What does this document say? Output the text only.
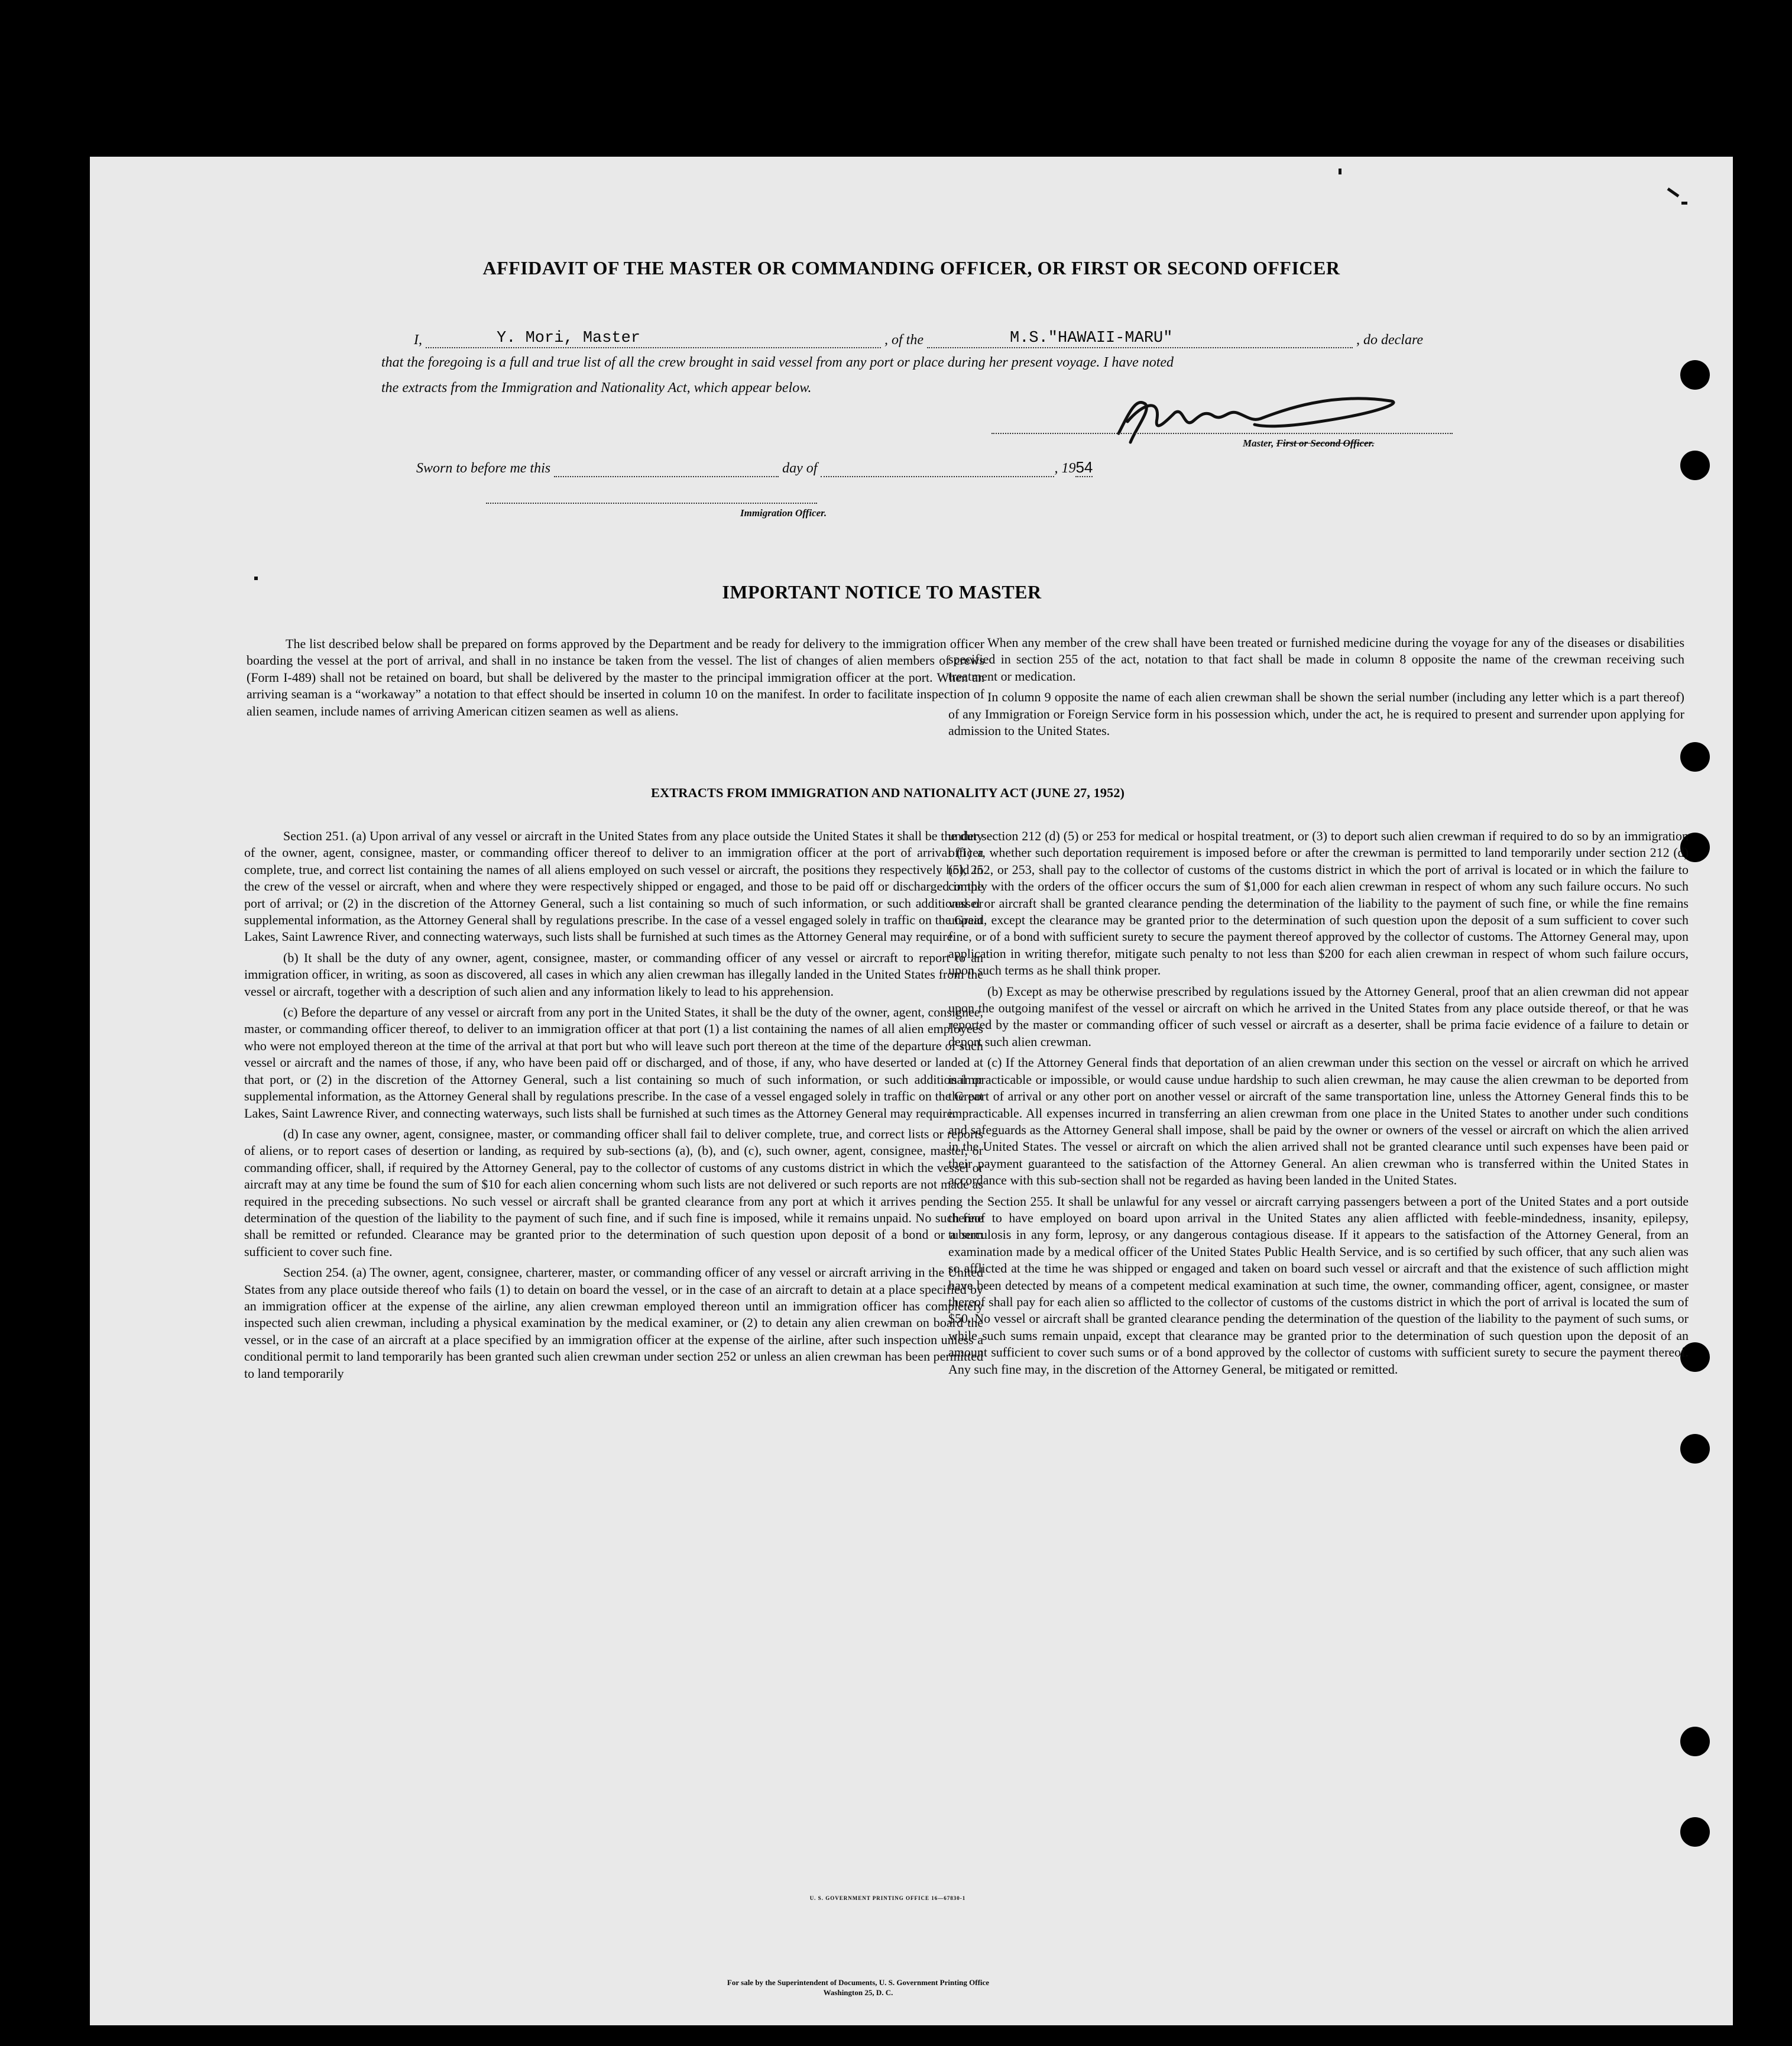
AFFIDAVIT OF THE MASTER OR COMMANDING OFFICER, OR FIRST OR SECOND OFFICER
I,	Y. Mori, Master	, of the	M.S."HAWAII-MARU"	, do declare
that the foregoing is a full and true list of all the crew brought in said vessel from any port or place during her present voyage. I have noted
the extracts from the Immigration and Nationality Act, which appear below.
Master, First or Second Officer.
Sworn to before me this	day of	, 1954
Immigration Officer.
IMPORTANT NOTICE TO MASTER

The list described below shall be prepared on forms approved by the Department and be ready for delivery to the immigration officer boarding the vessel at the port of arrival, and shall in no instance be taken from the vessel. The list of changes of alien members of crews (Form I-489) shall not be retained on board, but shall be delivered by the master to the principal immigration officer at the port. When an arriving seaman is a “workaway” a notation to that effect should be inserted in column 10 on the manifest. In order to facilitate inspection of alien seamen, include names of arriving American citizen seamen as well as aliens.

When any member of the crew shall have been treated or furnished medicine during the voyage for any of the diseases or disabilities specified in section 255 of the act, notation to that fact shall be made in column 8 opposite the name of the crewman receiving such treatment or medication.

In column 9 opposite the name of each alien crewman shall be shown the serial number (including any letter which is a part thereof) of any Immigration or Foreign Service form in his possession which, under the act, he is required to present and surrender upon applying for admission to the United States.

EXTRACTS FROM IMMIGRATION AND NATIONALITY ACT (JUNE 27, 1952)

Section 251. (a) Upon arrival of any vessel or aircraft in the United States from any place outside the United States it shall be the duty of the owner, agent, consignee, master, or commanding officer thereof to deliver to an immigration officer at the port of arrival (1) a complete, true, and correct list containing the names of all aliens employed on such vessel or aircraft, the positions they respectively hold in the crew of the vessel or aircraft, when and where they were respectively shipped or engaged, and those to be paid off or discharged in the port of arrival; or (2) in the discretion of the Attorney General, such a list containing so much of such information, or such additional or supplemental information, as the Attorney General shall by regulations prescribe. In the case of a vessel engaged solely in traffic on the Great Lakes, Saint Lawrence River, and connecting waterways, such lists shall be furnished at such times as the Attorney General may require.

(b) It shall be the duty of any owner, agent, consignee, master, or commanding officer of any vessel or aircraft to report to an immigration officer, in writing, as soon as discovered, all cases in which any alien crewman has illegally landed in the United States from the vessel or aircraft, together with a description of such alien and any information likely to lead to his apprehension.

(c) Before the departure of any vessel or aircraft from any port in the United States, it shall be the duty of the owner, agent, consignee, master, or commanding officer thereof, to deliver to an immigration officer at that port (1) a list containing the names of all alien employees who were not employed thereon at the time of the arrival at that port but who will leave such port thereon at the time of the departure of such vessel or aircraft and the names of those, if any, who have been paid off or discharged, and of those, if any, who have deserted or landed at that port, or (2) in the discretion of the Attorney General, such a list containing so much of such information, or such additional or supplemental information, as the Attorney General shall by regulations prescribe. In the case of a vessel engaged solely in traffic on the Great Lakes, Saint Lawrence River, and connecting waterways, such lists shall be furnished at such times as the Attorney General may require.

(d) In case any owner, agent, consignee, master, or commanding officer shall fail to deliver complete, true, and correct lists or reports of aliens, or to report cases of desertion or landing, as required by sub-sections (a), (b), and (c), such owner, agent, consignee, master, or commanding officer, shall, if required by the Attorney General, pay to the collector of customs of any customs district in which the vessel or aircraft may at any time be found the sum of $10 for each alien concerning whom such lists are not delivered or such reports are not made as required in the preceding subsections. No such vessel or aircraft shall be granted clearance from any port at which it arrives pending the determination of the question of the liability to the payment of such fine, and if such fine is imposed, while it remains unpaid. No such fine shall be remitted or refunded. Clearance may be granted prior to the determination of such question upon deposit of a bond or a sum sufficient to cover such fine.

Section 254. (a) The owner, agent, consignee, charterer, master, or commanding officer of any vessel or aircraft arriving in the United States from any place outside thereof who fails (1) to detain on board the vessel, or in the case of an aircraft to detain at a place specified by an immigration officer at the expense of the airline, any alien crewman employed thereon until an immigration officer has completely inspected such alien crewman, including a physical examination by the medical examiner, or (2) to detain any alien crewman on board the vessel, or in the case of an aircraft at a place specified by an immigration officer at the expense of the airline, after such inspection unless a conditional permit to land temporarily has been granted such alien crewman under section 252 or unless an alien crewman has been permitted to land temporarily

under section 212 (d) (5) or 253 for medical or hospital treatment, or (3) to deport such alien crewman if required to do so by an immigration officer, whether such deportation requirement is imposed before or after the crewman is permitted to land temporarily under section 212 (d) (5), 252, or 253, shall pay to the collector of customs of the customs district in which the port of arrival is located or in which the failure to comply with the orders of the officer occurs the sum of $1,000 for each alien crewman in respect of whom any such failure occurs. No such vessel or aircraft shall be granted clearance pending the determination of the liability to the payment of such fine, or while the fine remains unpaid, except the clearance may be granted prior to the determination of such question upon the deposit of a sum sufficient to cover such fine, or of a bond with sufficient surety to secure the payment thereof approved by the collector of customs. The Attorney General may, upon application in writing therefor, mitigate such penalty to not less than $200 for each alien crewman in respect of whom such failure occurs, upon such terms as he shall think proper.

(b) Except as may be otherwise prescribed by regulations issued by the Attorney General, proof that an alien crewman did not appear upon the outgoing manifest of the vessel or aircraft on which he arrived in the United States from any place outside thereof, or that he was reported by the master or commanding officer of such vessel or aircraft as a deserter, shall be prima facie evidence of a failure to detain or deport such alien crewman.

(c) If the Attorney General finds that deportation of an alien crewman under this section on the vessel or aircraft on which he arrived is impracticable or impossible, or would cause undue hardship to such alien crewman, he may cause the alien crewman to be deported from the port of arrival or any other port on another vessel or aircraft of the same transportation line, unless the Attorney General finds this to be impracticable. All expenses incurred in transferring an alien crewman from one place in the United States to another under such conditions and safeguards as the Attorney General shall impose, shall be paid by the owner or owners of the vessel or aircraft on which the alien arrived in the United States. The vessel or aircraft on which the alien arrived shall not be granted clearance until such expenses have been paid or their payment guaranteed to the satisfaction of the Attorney General. An alien crewman who is transferred within the United States in accordance with this sub-section shall not be regarded as having been landed in the United States.

Section 255. It shall be unlawful for any vessel or aircraft carrying passengers between a port of the United States and a port outside thereof to have employed on board upon arrival in the United States any alien afflicted with feeble-mindedness, insanity, epilepsy, tuberculosis in any form, leprosy, or any dangerous contagious disease. If it appears to the satisfaction of the Attorney General, from an examination made by a medical officer of the United States Public Health Service, and is so certified by such officer, that any such alien was so afflicted at the time he was shipped or engaged and taken on board such vessel or aircraft and that the existence of such affliction might have been detected by means of a competent medical examination at such time, the owner, commanding officer, agent, consignee, or master thereof shall pay for each alien so afflicted to the collector of customs of the customs district in which the port of arrival is located the sum of $50. No vessel or aircraft shall be granted clearance pending the determination of the question of the liability to the payment of such sums, or while such sums remain unpaid, except that clearance may be granted prior to the determination of such question upon the deposit of an amount sufficient to cover such sums or of a bond approved by the collector of customs with sufficient surety to secure the payment thereof. Any such fine may, in the discretion of the Attorney General, be mitigated or remitted.

U. S. GOVERNMENT PRINTING OFFICE 16—67830-1
For sale by the Superintendent of Documents, U. S. Government Printing Office
Washington 25, D. C.
